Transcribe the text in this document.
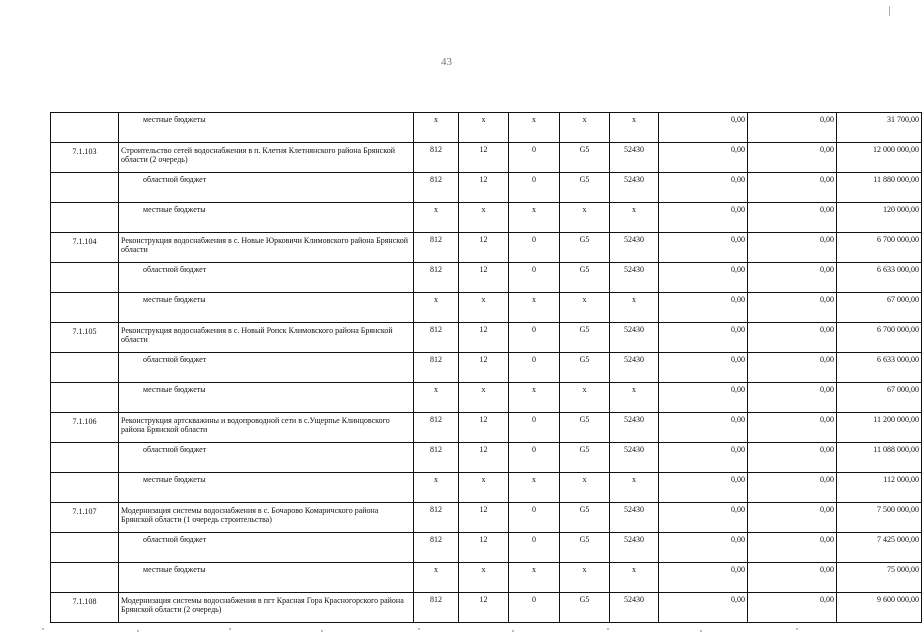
43

	местные бюджеты	х	х	х	х	х	0,00	0,00	31 700,00

7.1.103	Строительство сетей водоснабжения в п. Клетня Клетнянского района Брянской области (2 очередь)	812	12	0	G5	52430	0,00	0,00	12 000 000,00

	областной бюджет	812	12	0	G5	52430	0,00	0,00	11 880 000,00

	местные бюджеты	х	х	х	х	х	0,00	0,00	120 000,00

7.1.104	Реконструкция водоснабжения в с. Новые Юрковичи Климовского района Брянской области	812	12	0	G5	52430	0,00	0,00	6 700 000,00

	областной бюджет	812	12	0	G5	52430	0,00	0,00	6 633 000,00

	местные бюджеты	х	х	х	х	х	0,00	0,00	67 000,00

7.1.105	Реконструкция водоснабжения в с. Новый Ропск Климовского района Брянской области	812	12	0	G5	52430	0,00	0,00	6 700 000,00

	областной бюджет	812	12	0	G5	52430	0,00	0,00	6 633 000,00

	местные бюджеты	х	х	х	х	х	0,00	0,00	67 000,00

7.1.106	Реконструкция артскважины и водопроводной сети в с.Ущерпье Клинцовского района Брянской области	812	12	0	G5	52430	0,00	0,00	11 200 000,00

	областной бюджет	812	12	0	G5	52430	0,00	0,00	11 088 000,00

	местные бюджеты	х	х	х	х	х	0,00	0,00	112 000,00

7.1.107	Модернизация системы водоснабжения в с. Бочарово Комаричского района Брянской области (1 очередь строительства)	812	12	0	G5	52430	0,00	0,00	7 500 000,00

	областной бюджет	812	12	0	G5	52430	0,00	0,00	7 425 000,00

	местные бюджеты	х	х	х	х	х	0,00	0,00	75 000,00

7.1.108	Модернизация системы водоснабжения в пгт Красная Гора Красногорского района Брянской области (2 очередь)	812	12	0	G5	52430	0,00	0,00	9 600 000,00
